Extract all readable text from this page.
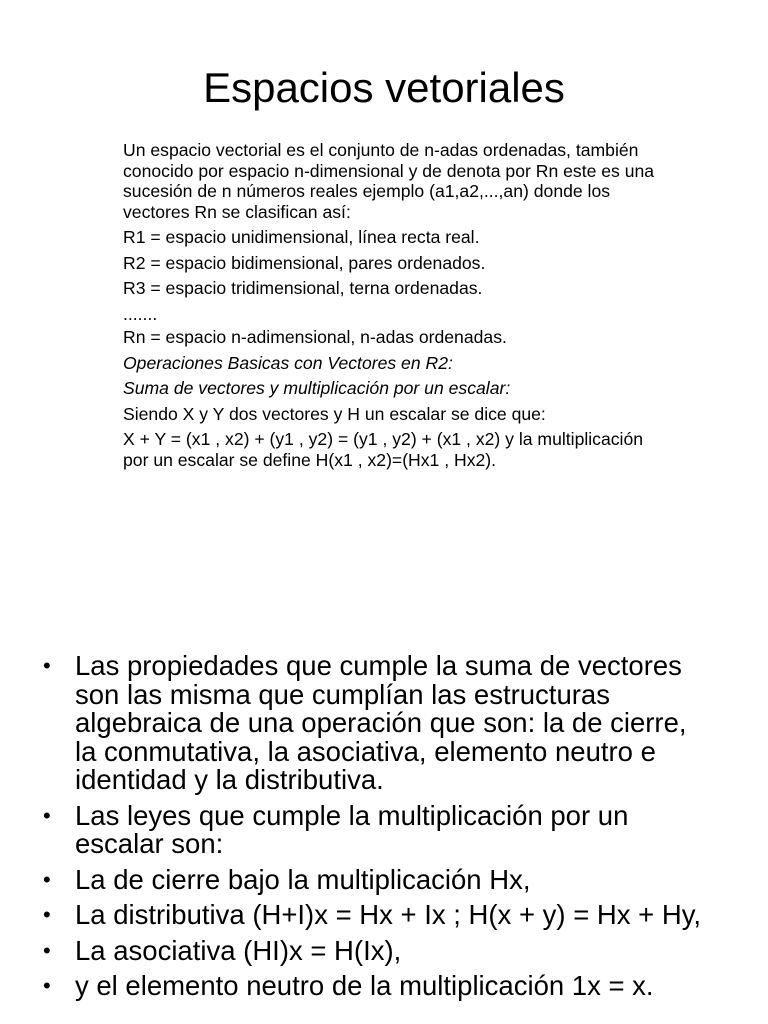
Espacios vetoriales

Un espacio vectorial es el conjunto de n-adas ordenadas, también conocido por espacio n-dimensional y de denota por Rn este es una sucesión de n números reales ejemplo (a1,a2,...,an) donde los vectores Rn se clasifican así:

R1 = espacio unidimensional, línea recta real.

R2 = espacio bidimensional, pares ordenados.

R3 = espacio tridimensional, terna ordenadas.

.......

Rn = espacio n-adimensional, n-adas ordenadas.

Operaciones Basicas con Vectores en R2:

Suma de vectores y multiplicación por un escalar:

Siendo X y Y dos vectores y H un escalar se dice que:

X + Y = (x1 , x2) + (y1 , y2) = (y1 , y2) + (x1 , x2) y la multiplicación por un escalar se define H(x1 , x2)=(Hx1 , Hx2).

• Las propiedades que cumple la suma de vectores son las misma que cumplían las estructuras algebraica de una operación que son: la de cierre, la conmutativa, la asociativa, elemento neutro e identidad y la distributiva.
• Las leyes que cumple la multiplicación por un escalar son:
• La de cierre bajo la multiplicación Hx,
• La distributiva (H+I)x = Hx + Ix ; H(x + y) = Hx + Hy,
• La asociativa (HI)x = H(Ix),
• y el elemento neutro de la multiplicación 1x = x.
